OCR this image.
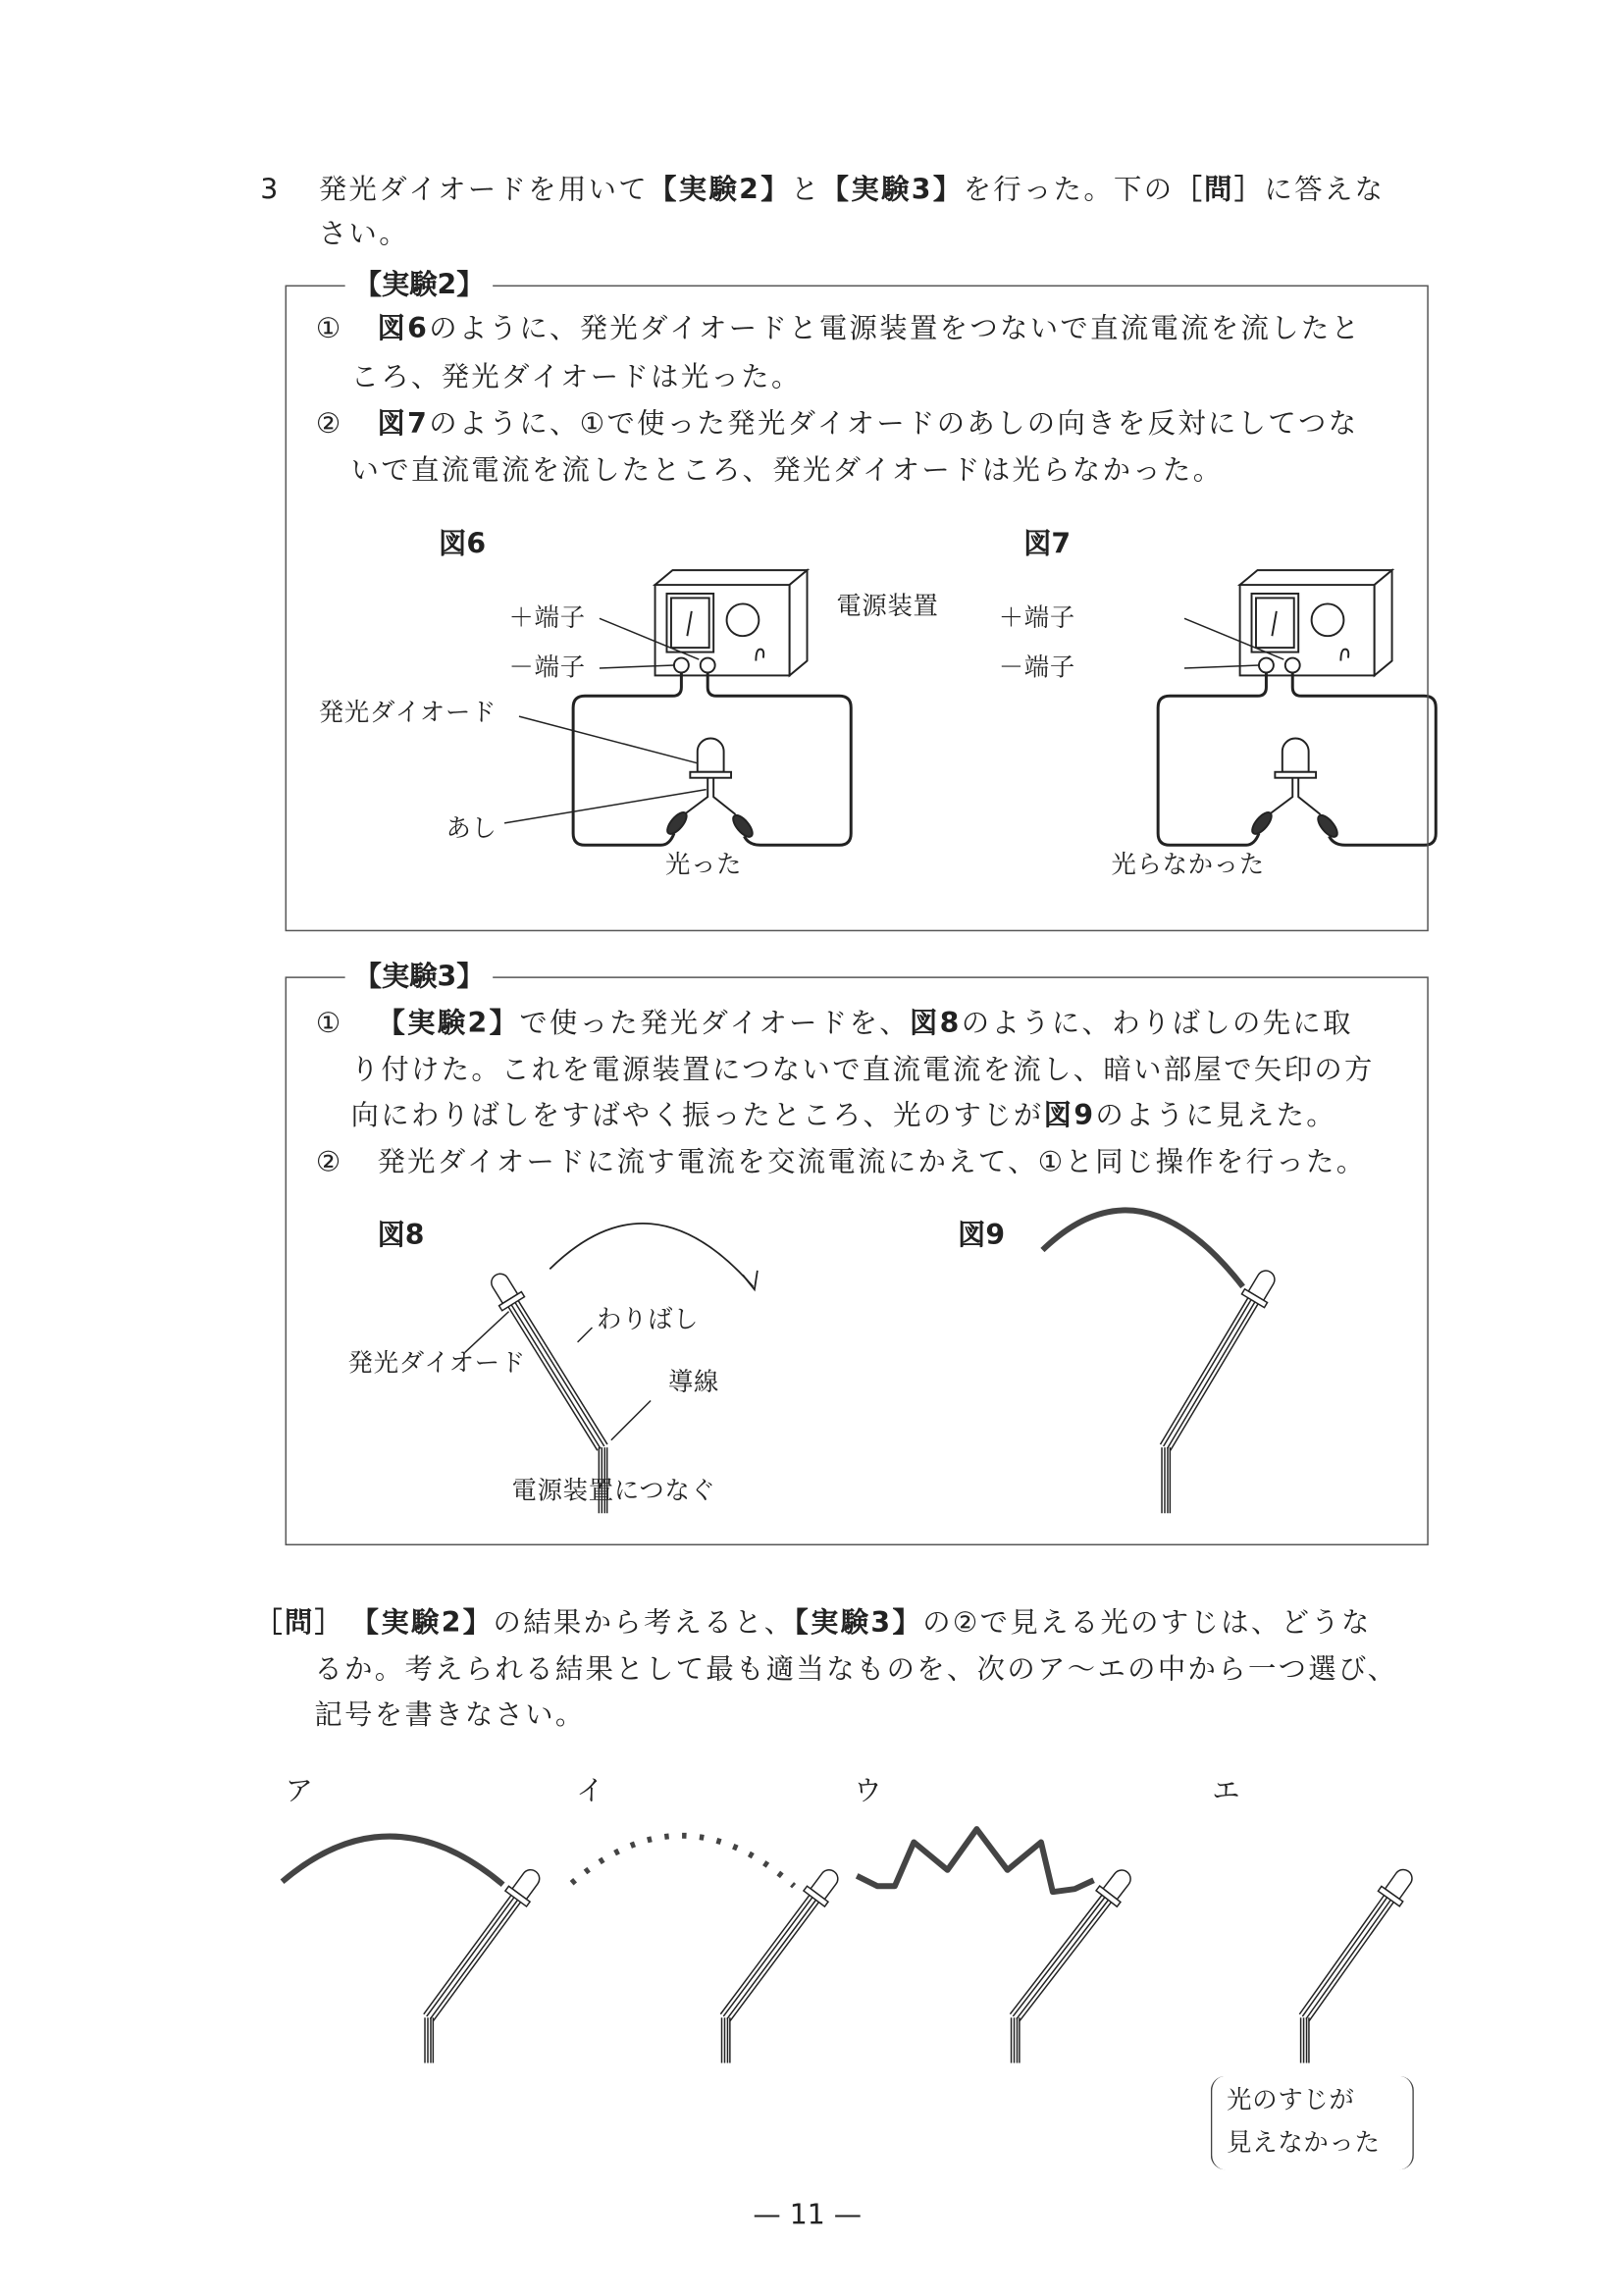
3 発光ダイオードを用いて【実験2】と【実験3】を行った。下の［問］に答えな
さい。
【実験2】
① 図6のように、発光ダイオードと電源装置をつないで直流電流を流したと
ころ、発光ダイオードは光った。
② 図7のように、①で使った発光ダイオードのあしの向きを反対にしてつな
いで直流電流を流したところ、発光ダイオードは光らなかった。
図6
＋端子
－端子
電源装置
発光ダイオード
あし
光った
図7
＋端子
－端子
光らなかった
【実験3】
① 【実験2】で使った発光ダイオードを、図8のように、わりばしの先に取
り付けた。これを電源装置につないで直流電流を流し、暗い部屋で矢印の方
向にわりばしをすばやく振ったところ、光のすじが図9のように見えた。
② 発光ダイオードに流す電流を交流電流にかえて、①と同じ操作を行った。
図8
わりばし
発光ダイオード
導線
電源装置につなぐ
図9
［問］ 【実験2】の結果から考えると、【実験3】の②で見える光のすじは、どうな
るか。考えられる結果として最も適当なものを、次のア～エの中から一つ選び、
記号を書きなさい。
ア	イ	ウ	エ
光のすじが
見えなかった
— 11 —
